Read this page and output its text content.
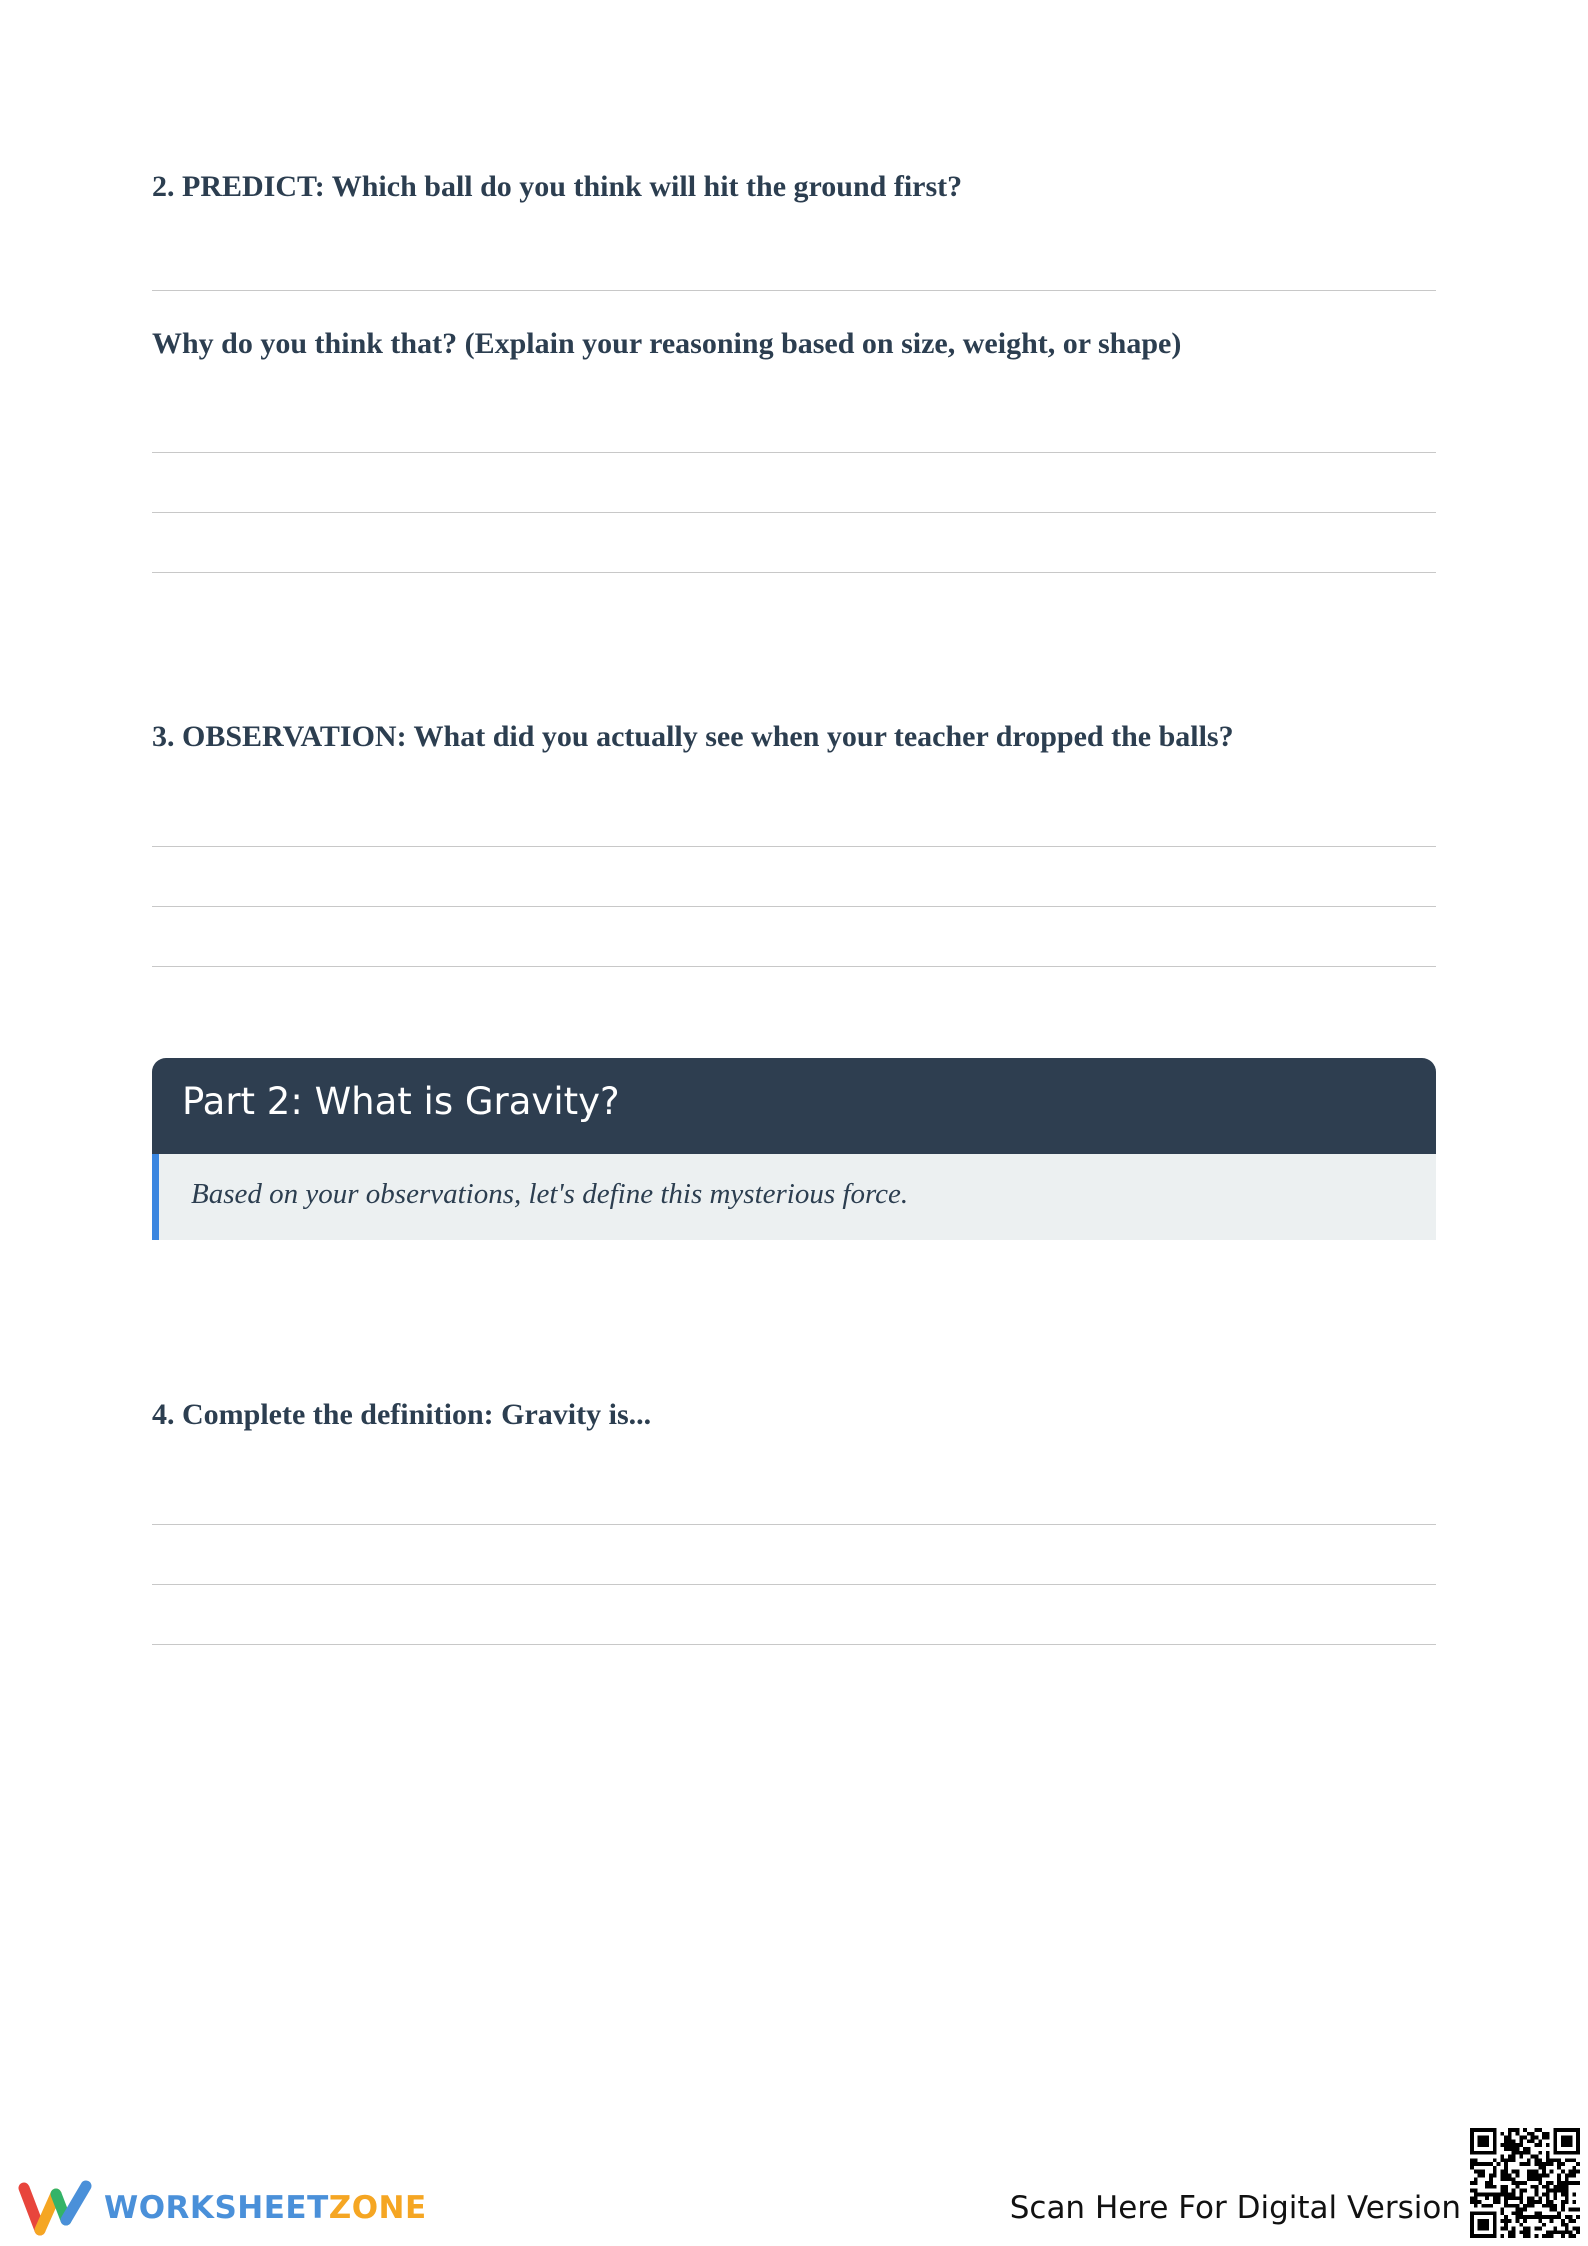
2. PREDICT: Which ball do you think will hit the ground first?
Why do you think that? (Explain your reasoning based on size, weight, or shape)
3. OBSERVATION: What did you actually see when your teacher dropped the balls?
Part 2: What is Gravity?
Based on your observations, let's define this mysterious force.
4. Complete the definition: Gravity is...
WORKSHEETZONE	Scan Here For Digital Version
